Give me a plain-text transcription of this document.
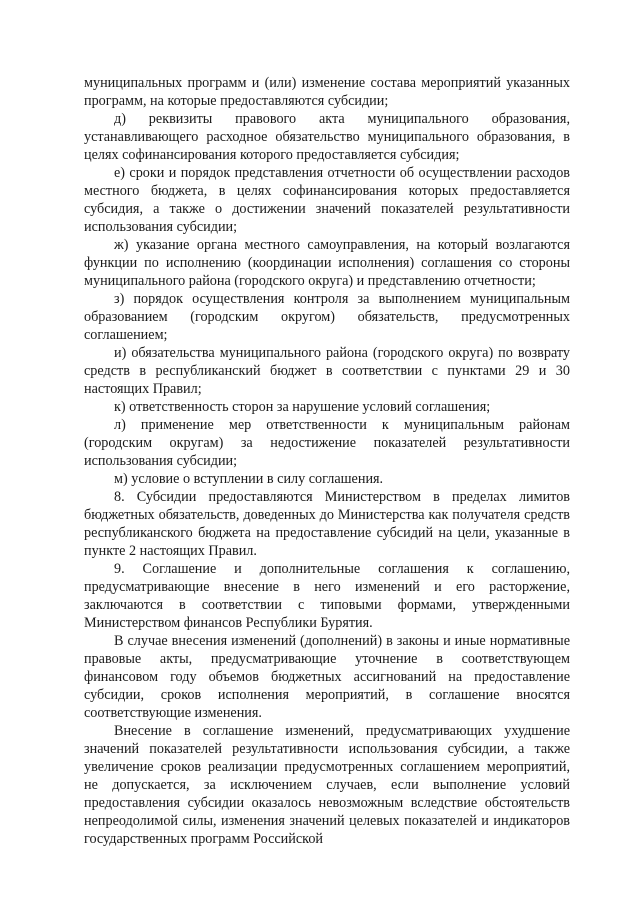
муниципальных программ и (или) изменение состава мероприятий указанных программ, на которые предоставляются субсидии;

д) реквизиты правового акта муниципального образования, устанавливающего расходное обязательство муниципального образования, в целях софинансирования которого предоставляется субсидия;

е) сроки и порядок представления отчетности об осуществлении расходов местного бюджета, в целях софинансирования которых предоставляется субсидия, а также о достижении значений показателей результативности использования субсидии;

ж) указание органа местного самоуправления, на который возлагаются функции по исполнению (координации исполнения) соглашения со стороны муниципального района (городского округа) и представлению отчетности;

з) порядок осуществления контроля за выполнением муниципальным образованием (городским округом) обязательств, предусмотренных соглашением;

и) обязательства муниципального района (городского округа) по возврату средств в республиканский бюджет в соответствии с пунктами 29 и 30 настоящих Правил;

к) ответственность сторон за нарушение условий соглашения;

л) применение мер ответственности к муниципальным районам (городским округам) за недостижение показателей результативности использования субсидии;

м) условие о вступлении в силу соглашения.

8. Субсидии предоставляются Министерством в пределах лимитов бюджетных обязательств, доведенных до Министерства как получателя средств республиканского бюджета на предоставление субсидий на цели, указанные в пункте 2 настоящих Правил.

9. Соглашение и дополнительные соглашения к соглашению, предусматривающие внесение в него изменений и его расторжение, заключаются в соответствии с типовыми формами, утвержденными Министерством финансов Республики Бурятия.

В случае внесения изменений (дополнений) в законы и иные нормативные правовые акты, предусматривающие уточнение в соответствующем финансовом году объемов бюджетных ассигнований на предоставление субсидии, сроков исполнения мероприятий, в соглашение вносятся соответствующие изменения.

Внесение в соглашение изменений, предусматривающих ухудшение значений показателей результативности использования субсидии, а также увеличение сроков реализации предусмотренных соглашением мероприятий, не допускается, за исключением случаев, если выполнение условий предоставления субсидии оказалось невозможным вследствие обстоятельств непреодолимой силы, изменения значений целевых показателей и индикаторов государственных программ Российской
